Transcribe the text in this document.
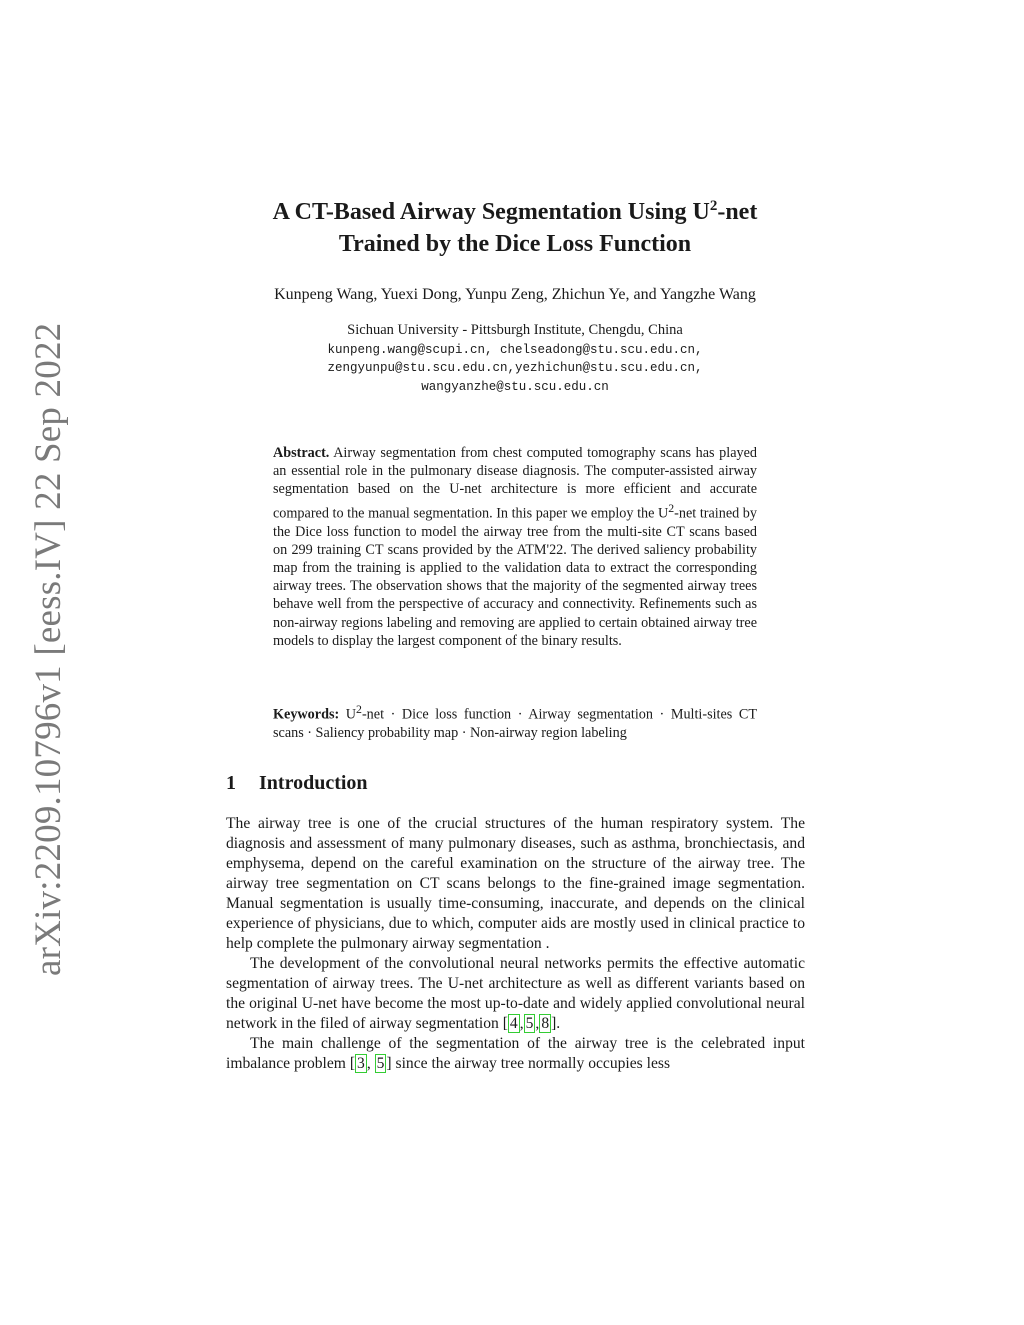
arXiv:2209.10796v1 [eess.IV] 22 Sep 2022
A CT-Based Airway Segmentation Using $U^2$-net
Trained by the Dice Loss Function
Kunpeng Wang, Yuexi Dong, Yunpu Zeng, Zhichun Ye, and Yangzhe Wang
Sichuan University - Pittsburgh Institute, Chengdu, China
kunpeng.wang@scupi.cn, chelseadong@stu.scu.edu.cn,
zengyunpu@stu.scu.edu.cn,yezhichun@stu.scu.edu.cn,
wangyanzhe@stu.scu.edu.cn
Abstract. Airway segmentation from chest computed tomography scans has played an essential role in the pulmonary disease diagnosis. The computer-assisted airway segmentation based on the U-net architecture is more efficient and accurate compared to the manual segmentation. In this paper we employ the $U^2$-net trained by the Dice loss function to model the airway tree from the multi-site CT scans based on 299 training CT scans provided by the ATM'22. The derived saliency probability map from the training is applied to the validation data to extract the corresponding airway trees. The observation shows that the majority of the segmented airway trees behave well from the perspective of accuracy and connectivity. Refinements such as non-airway regions labeling and removing are applied to certain obtained airway tree models to display the largest component of the binary results.
Keywords: $U^2$-net · Dice loss function · Airway segmentation · Multi-sites CT scans · Saliency probability map · Non-airway region labeling
1 Introduction

The airway tree is one of the crucial structures of the human respiratory system. The diagnosis and assessment of many pulmonary diseases, such as asthma, bronchiectasis, and emphysema, depend on the careful examination on the structure of the airway tree. The airway tree segmentation on CT scans belongs to the fine-grained image segmentation. Manual segmentation is usually time-consuming, inaccurate, and depends on the clinical experience of physicians, due to which, computer aids are mostly used in clinical practice to help complete the pulmonary airway segmentation .

The development of the convolutional neural networks permits the effective automatic segmentation of airway trees. The U-net architecture as well as different variants based on the original U-net have become the most up-to-date and widely applied convolutional neural network in the filed of airway segmentation [ 4 , 5 , 8 ].

The main challenge of the segmentation of the airway tree is the celebrated input imbalance problem [ 3 , 5 ] since the airway tree normally occupies less
